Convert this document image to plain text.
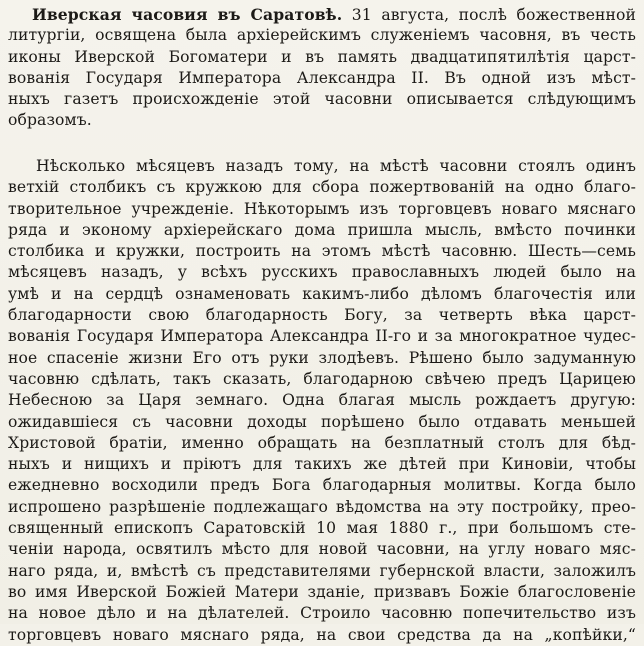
Иверская часовия въ Саратовѣ. 31 августа, послѣ божественной
литургіи, освящена была архіерейскимъ служеніемъ часовня, въ честь
иконы Иверской Богоматери и въ память двадцатипятилѣтія царст-
вованія Государя Императора Александра II. Въ одной изъ мѣст-
ныхъ газетъ происхожденіе этой часовни описывается слѣдующимъ
образомъ.
Нѣсколько мѣсяцевъ назадъ тому, на мѣстѣ часовни стоялъ одинъ
ветхій столбикъ съ кружкою для сбора пожертвованій на одно благо-
творительное учрежденіе. Нѣкоторымъ изъ торговцевъ новаго мяснаго
ряда и эконому архіерейскаго дома пришла мысль, вмѣсто починки
столбика и кружки, построить на этомъ мѣстѣ часовню. Шесть—семь
мѣсяцевъ назадъ, у всѣхъ русскихъ православныхъ людей было на
умѣ и на сердцѣ ознаменовать какимъ-либо дѣломъ благочестія или
благодарности свою благодарность Богу, за четверть вѣка царст-
вованія Государя Императора Александра II-го и за многократное чудес-
ное спасеніе жизни Его отъ руки злодѣевъ. Рѣшено было задуманную
часовню сдѣлать, такъ сказать, благодарною свѣчею предъ Царицею
Небесною за Царя земнаго. Одна благая мысль рождаетъ другую:
ожидавшіеся съ часовни доходы порѣшено было отдавать меньшей
Христовой братіи, именно обращать на безплатный столъ для бѣд-
ныхъ и нищихъ и пріютъ для такихъ же дѣтей при Киновіи, чтобы
ежедневно восходили предъ Бога благодарныя молитвы. Когда было
испрошено разрѣшеніе подлежащаго вѣдомства на эту постройку, прео-
священный епископъ Саратовскій 10 мая 1880 г., при большомъ сте-
ченіи народа, освятилъ мѣсто для новой часовни, на углу новаго мяс-
наго ряда, и, вмѣстѣ съ представителями губернской власти, заложилъ
во имя Иверской Божіей Матери зданіе, призвавъ Божіе благословеніе
на новое дѣло и на дѣлателей. Строило часовню попечительство изъ
торговцевъ новаго мяснаго ряда, на свои средства да на „копѣйки,“
